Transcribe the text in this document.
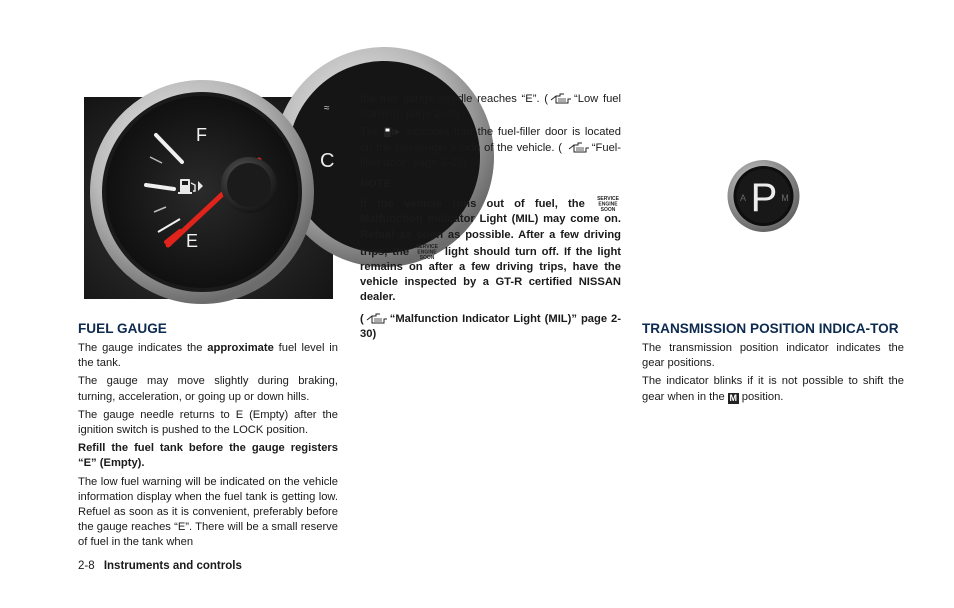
C
≈
F
E
FUEL GAUGE

The gauge indicates the approximate fuel level in the tank.

The gauge may move slightly during braking, turning, acceleration, or going up or down hills.

The gauge needle returns to E (Empty) after the ignition switch is pushed to the LOCK position.

Refill the fuel tank before the gauge registers “E” (Empty).

The low fuel warning will be indicated on the vehicle information display when the fuel tank is getting low. Refuel as soon as it is convenient, preferably before the gauge reaches “E”. There will be a small reserve of fuel in the tank when

the fuel gauge needle reaches “E”. ( “Low fuel warning” page 2-39)

The indicates that the fuel-filler door is located on the passenger’s side of the vehicle. (	“Fuel-filler door” page 3-23)

NOTE:

If the vehicle runs out of fuel, the SERVICE
ENGINE
SOON
Malfunction Indicator Light (MIL) may come on. Refuel as soon as possible. After a few driving trips, the SERVICE
ENGINE
SOON light should turn off. If the light remains on after a few driving trips, have the vehicle inspected by a GT-R certified NISSAN dealer.

( “Malfunction Indicator Light (MIL)” page 2-30)

P
A	M
TRANSMISSION POSITION INDICA-TOR

The transmission position indicator indicates the gear positions.

The indicator blinks if it is not possible to shift the gear when in the M position.

2-8 Instruments and controls
